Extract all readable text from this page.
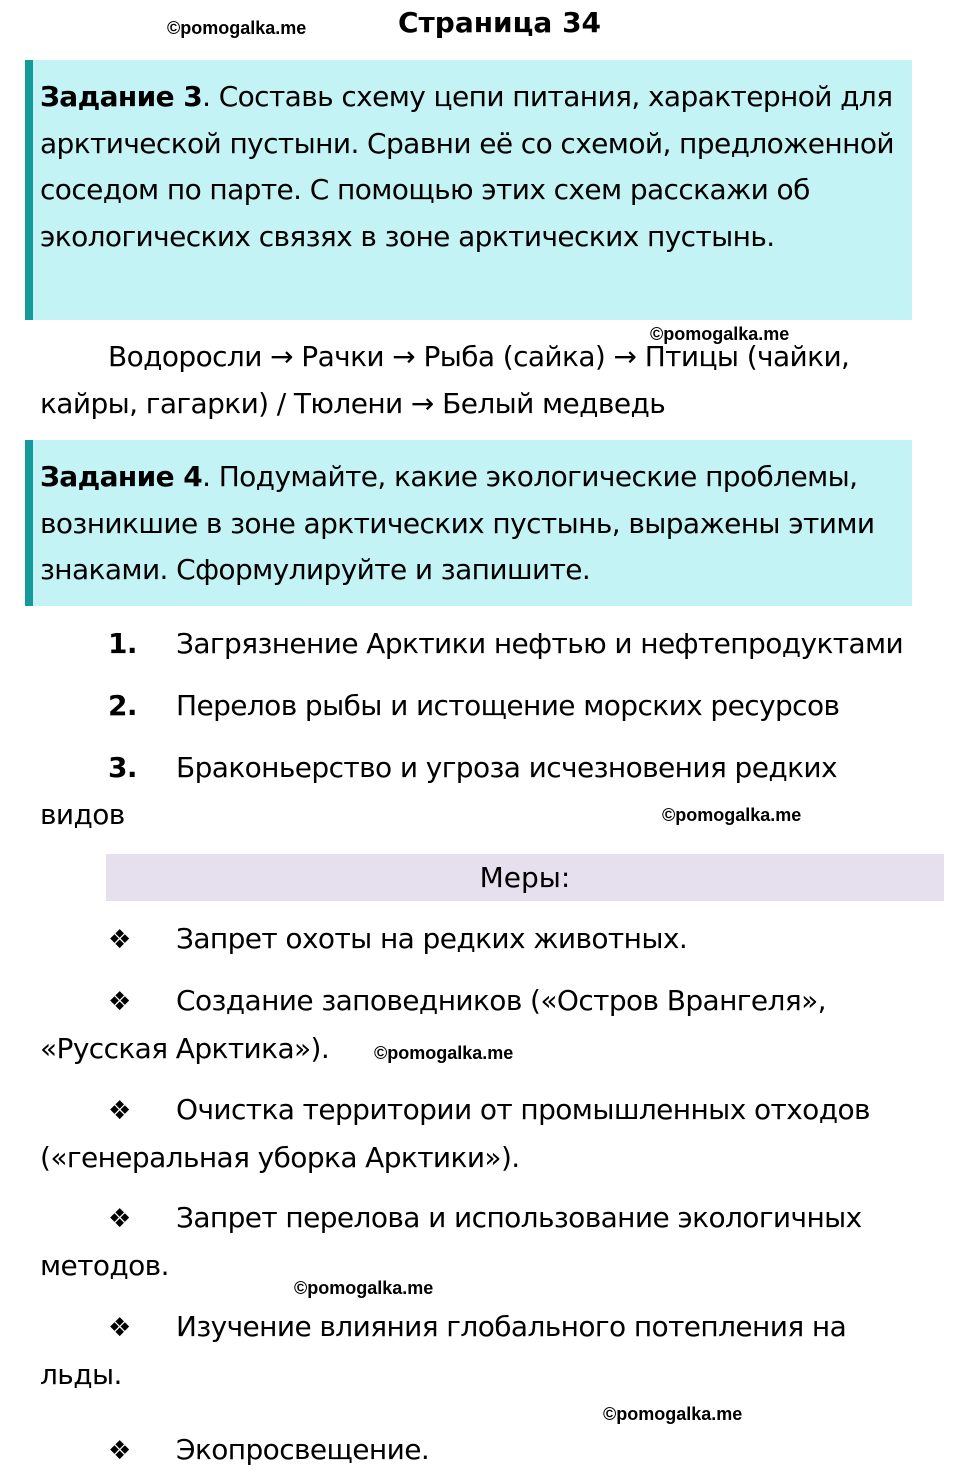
©pomogalka.me	Страница 34

Задание 3. Составь схему цепи питания, характерной для арктической пустыни. Сравни её со схемой, предложенной соседом по парте. С помощью этих схем расскажи об экологических связях в зоне арктических пустынь.

©pomogalka.me

Водоросли → Рачки → Рыба (сайка) → Птицы (чайки, кайры, гагарки) / Тюлени → Белый медведь

Задание 4. Подумайте, какие экологические проблемы, возникшие в зоне арктических пустынь, выражены этими знаками. Сформулируйте и запишите.

1. Загрязнение Арктики нефтью и нефтепродуктами

2. Перелов рыбы и истощение морских ресурсов

3. Браконьерство и угроза исчезновения редких видов	©pomogalka.me
Меры:

❖ Запрет охоты на редких животных.

❖ Создание заповедников («Остров Врангеля», «Русская Арктика»).	©pomogalka.me

❖ Очистка территории от промышленных отходов («генеральная уборка Арктики»).

❖ Запрет перелова и использование экологичных методов.

©pomogalka.me

❖ Изучение влияния глобального потепления на льды.

©pomogalka.me

❖ Экопросвещение.
